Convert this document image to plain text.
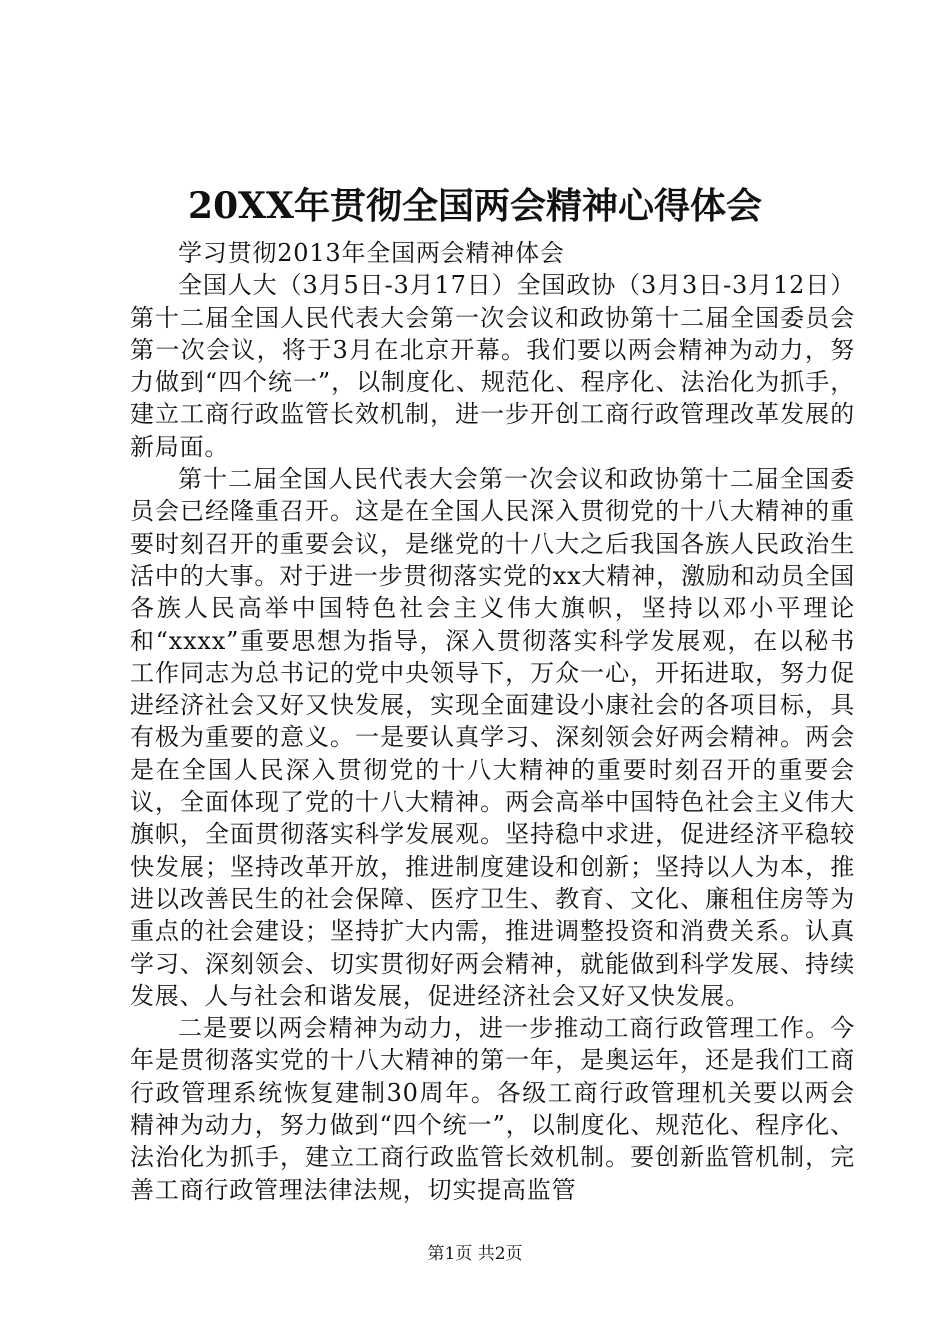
20XX年贯彻全国两会精神心得体会

学习贯彻2013年全国两会精神体会

全国人大（3月5日-3月17日）全国政协（3月3日-3月12日）第十二届全国人民代表大会第一次会议和政协第十二届全国委员会第一次会议，将于3月在北京开幕。我们要以两会精神为动力，努力做到“四个统一”，以制度化、规范化、程序化、法治化为抓手，建立工商行政监管长效机制，进一步开创工商行政管理改革发展的新局面。

第十二届全国人民代表大会第一次会议和政协第十二届全国委员会已经隆重召开。这是在全国人民深入贯彻党的十八大精神的重要时刻召开的重要会议，是继党的十八大之后我国各族人民政治生活中的大事。对于进一步贯彻落实党的xx大精神，激励和动员全国各族人民高举中国特色社会主义伟大旗帜，坚持以邓小平理论和“xxxx”重要思想为指导，深入贯彻落实科学发展观，在以秘书工作同志为总书记的党中央领导下，万众一心，开拓进取，努力促进经济社会又好又快发展，实现全面建设小康社会的各项目标，具有极为重要的意义。一是要认真学习、深刻领会好两会精神。两会是在全国人民深入贯彻党的十八大精神的重要时刻召开的重要会议，全面体现了党的十八大精神。两会高举中国特色社会主义伟大旗帜，全面贯彻落实科学发展观。坚持稳中求进，促进经济平稳较快发展；坚持改革开放，推进制度建设和创新；坚持以人为本，推进以改善民生的社会保障、医疗卫生、教育、文化、廉租住房等为重点的社会建设；坚持扩大内需，推进调整投资和消费关系。认真学习、深刻领会、切实贯彻好两会精神，就能做到科学发展、持续发展、人与社会和谐发展，促进经济社会又好又快发展。

二是要以两会精神为动力，进一步推动工商行政管理工作。今年是贯彻落实党的十八大精神的第一年，是奥运年，还是我们工商行政管理系统恢复建制30周年。各级工商行政管理机关要以两会精神为动力，努力做到“四个统一”，以制度化、规范化、程序化、法治化为抓手，建立工商行政监管长效机制。要创新监管机制，完善工商行政管理法律法规，切实提高监管

第1页 共2页
